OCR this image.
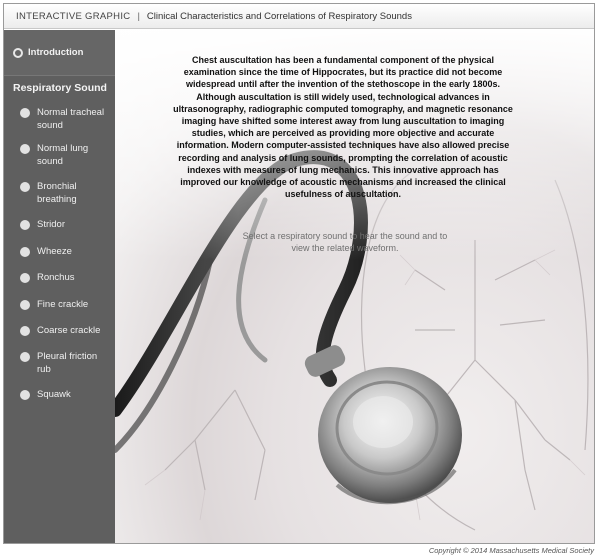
INTERACTIVE GRAPHIC | Clinical Characteristics and Correlations of Respiratory Sounds
Introduction
Respiratory Sound
Normal tracheal sound
Normal lung sound
Bronchial breathing
Stridor
Wheeze
Ronchus
Fine crackle
Coarse crackle
Pleural friction rub
Squawk
Chest auscultation has been a fundamental component of the physical examination since the time of Hippocrates, but its practice did not become widespread until after the invention of the stethoscope in the early 1800s. Although auscultation is still widely used, technological advances in ultrasonography, radiographic computed tomography, and magnetic resonance imaging have shifted some interest away from lung auscultation to imaging studies, which are perceived as providing more objective and accurate information. Modern computer-assisted techniques have also allowed precise recording and analysis of lung sounds, prompting the correlation of acoustic indexes with measures of lung mechanics. This innovative approach has improved our knowledge of acoustic mechanisms and increased the clinical usefulness of auscultation.
Select a respiratory sound to hear the sound and to view the related waveform.
Copyright © 2014 Massachusetts Medical Society
